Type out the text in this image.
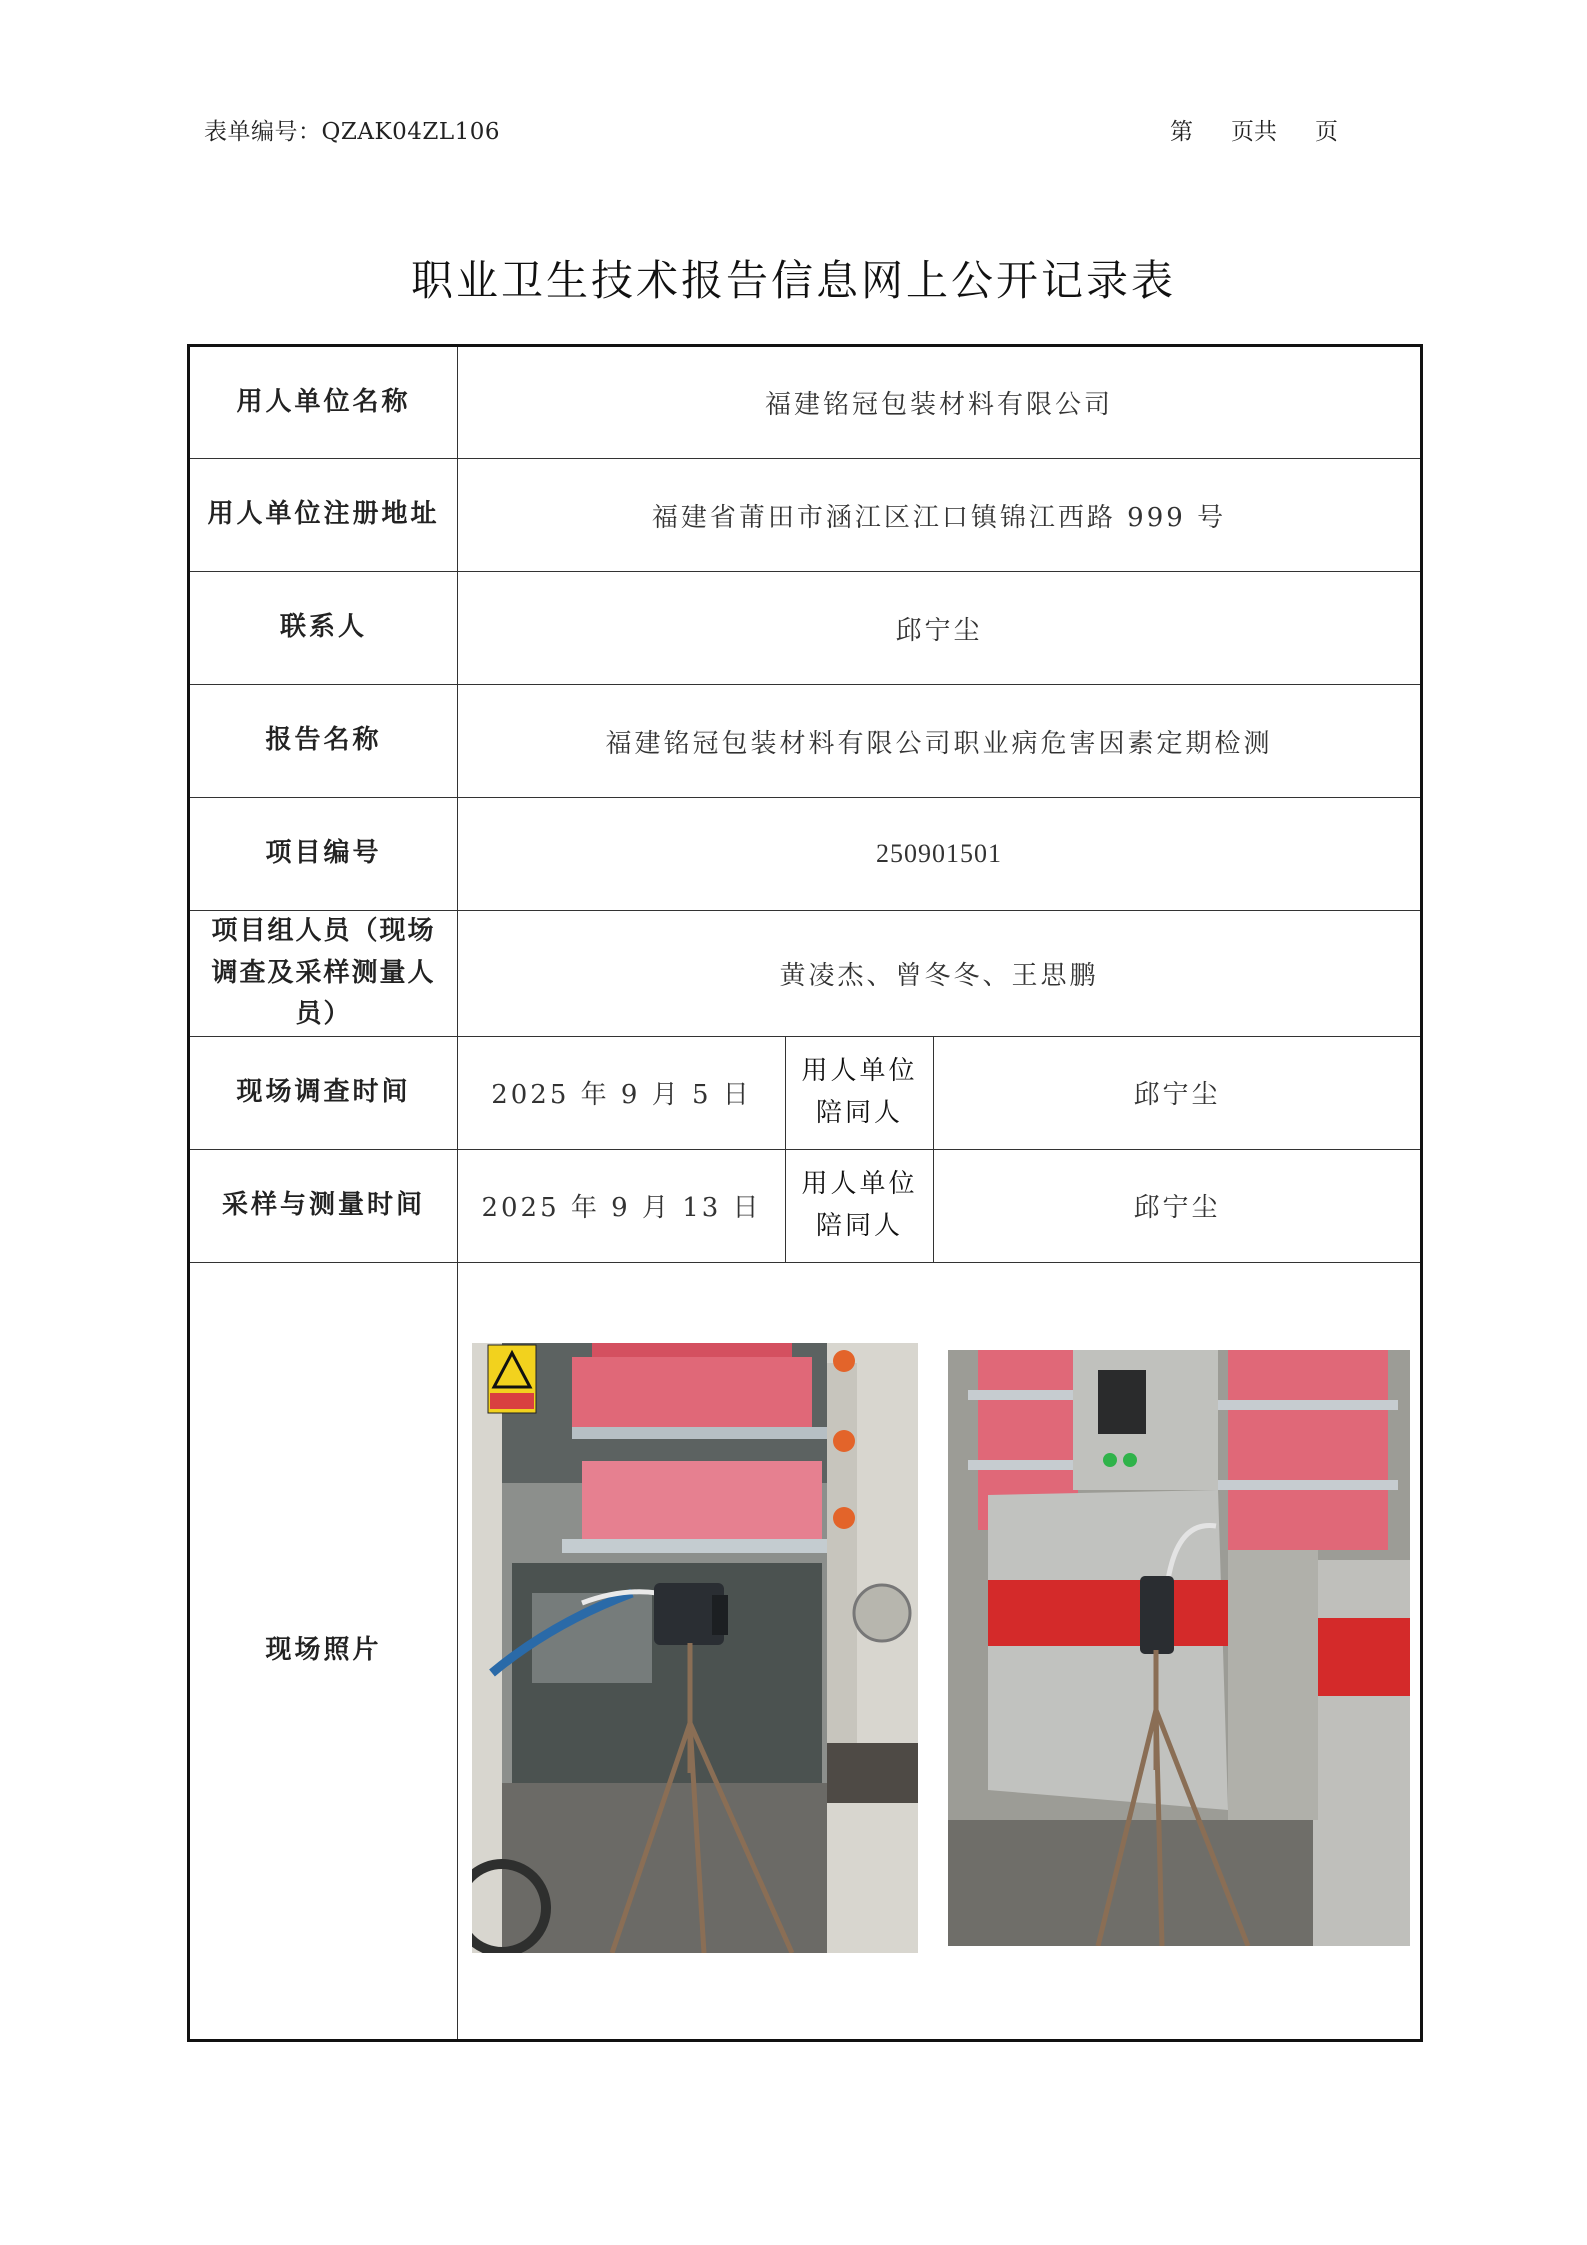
表单编号：QZAK04ZL106	第 页共 页
职业卫生技术报告信息网上公开记录表
用人单位名称	福建铭冠包装材料有限公司		
用人单位注册地址	福建省莆田市涵江区江口镇锦江西路 999 号		
联系人	邱宁尘		
报告名称	福建铭冠包装材料有限公司职业病危害因素定期检测		
项目编号	250901501		
项目组人员（现场调查及采样测量人员）	黄凌杰、曾冬冬、王思鹏		
现场调查时间	2025 年 9 月 5 日	用人单位陪同人	邱宁尘
采样与测量时间	2025 年 9 月 13 日	用人单位陪同人	邱宁尘
现场照片	
